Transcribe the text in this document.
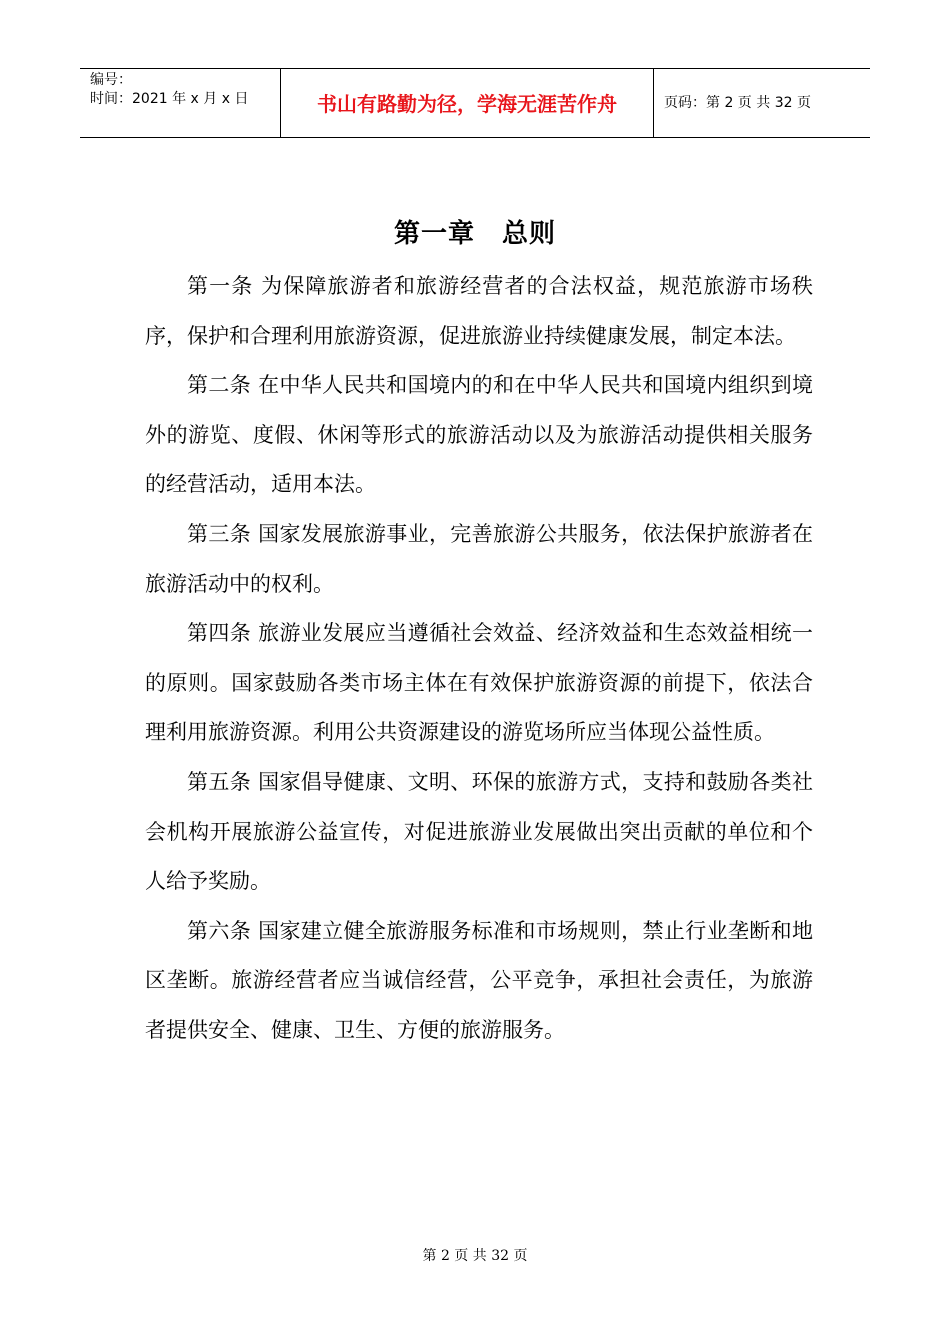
编号：
时间：2021 年 x 月 x 日	书山有路勤为径，学海无涯苦作舟	页码：第 2 页 共 32 页
第一章　总则

第一条 为保障旅游者和旅游经营者的合法权益，规范旅游市场秩序，保护和合理利用旅游资源，促进旅游业持续健康发展，制定本法。

第二条 在中华人民共和国境内的和在中华人民共和国境内组织到境外的游览、度假、休闲等形式的旅游活动以及为旅游活动提供相关服务的经营活动，适用本法。

第三条 国家发展旅游事业，完善旅游公共服务，依法保护旅游者在旅游活动中的权利。

第四条 旅游业发展应当遵循社会效益、经济效益和生态效益相统一的原则。国家鼓励各类市场主体在有效保护旅游资源的前提下，依法合理利用旅游资源。利用公共资源建设的游览场所应当体现公益性质。

第五条 国家倡导健康、文明、环保的旅游方式，支持和鼓励各类社会机构开展旅游公益宣传，对促进旅游业发展做出突出贡献的单位和个人给予奖励。

第六条 国家建立健全旅游服务标准和市场规则，禁止行业垄断和地区垄断。旅游经营者应当诚信经营，公平竞争，承担社会责任，为旅游者提供安全、健康、卫生、方便的旅游服务。

第 2 页 共 32 页
